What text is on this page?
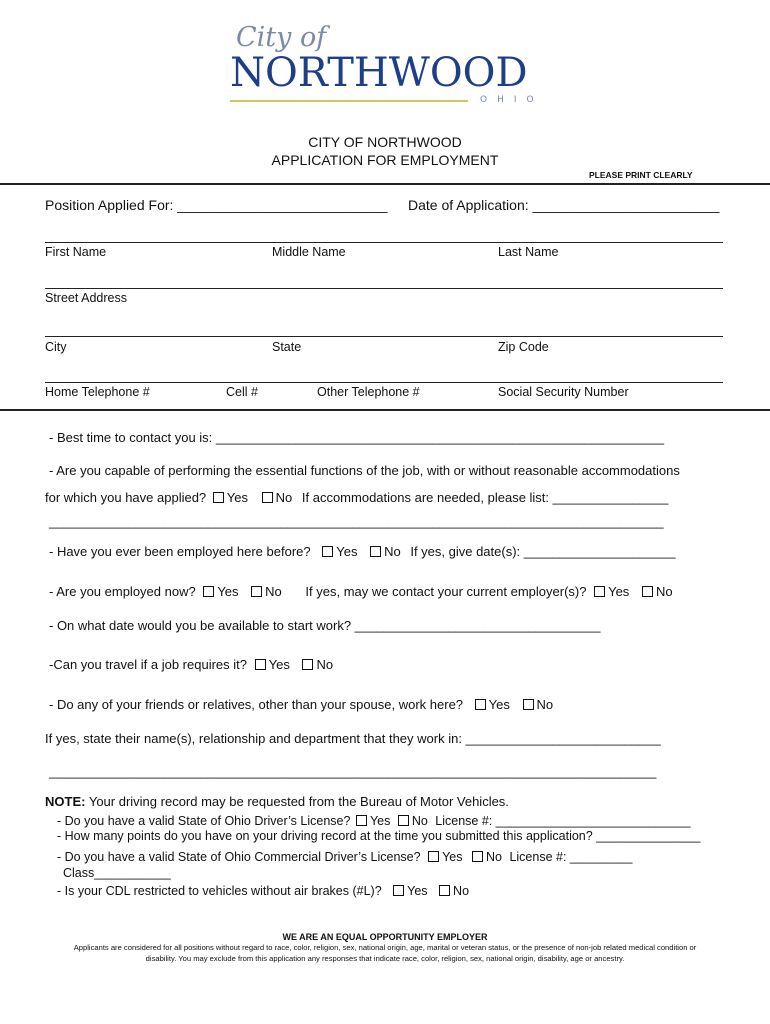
City of
NORTHWOOD
OHIO
CITY OF NORTHWOOD
APPLICATION FOR EMPLOYMENT
PLEASE PRINT CLEARLY
Position Applied For: ___________________________ Date of Application: ________________________
First Name	Middle Name	Last Name
Street Address
City	State	Zip Code
Home Telephone #	Cell #	Other Telephone #	Social Security Number
- Best time to contact you is: ______________________________________________________________
- Are you capable of performing the essential functions of the job, with or without reasonable accommodations
for which you have applied? Yes No If accommodations are needed, please list: ________________
_____________________________________________________________________________________
- Have you ever been employed here before? Yes No If yes, give date(s): _____________________
- Are you employed now? Yes No If yes, may we contact your current employer(s)? Yes No
- On what date would you be available to start work? __________________________________
-Can you travel if a job requires it? Yes No
- Do any of your friends or relatives, other than your spouse, work here? Yes No
If yes, state their name(s), relationship and department that they work in: ___________________________
____________________________________________________________________________________
NOTE: Your driving record may be requested from the Bureau of Motor Vehicles.
- Do you have a valid State of Ohio Driver’s License? Yes No License #: ____________________________
- How many points do you have on your driving record at the time you submitted this application? _______________
- Do you have a valid State of Ohio Commercial Driver’s License? Yes No License #: _________
Class___________
- Is your CDL restricted to vehicles without air brakes (#L)? Yes No
WE ARE AN EQUAL OPPORTUNITY EMPLOYER
Applicants are considered for all positions without regard to race, color, religion, sex, national origin, age, marital or veteran status, or the presence of non-job related medical condition or
disability. You may exclude from this application any responses that indicate race, color, religion, sex, national origin, disability, age or ancestry.
